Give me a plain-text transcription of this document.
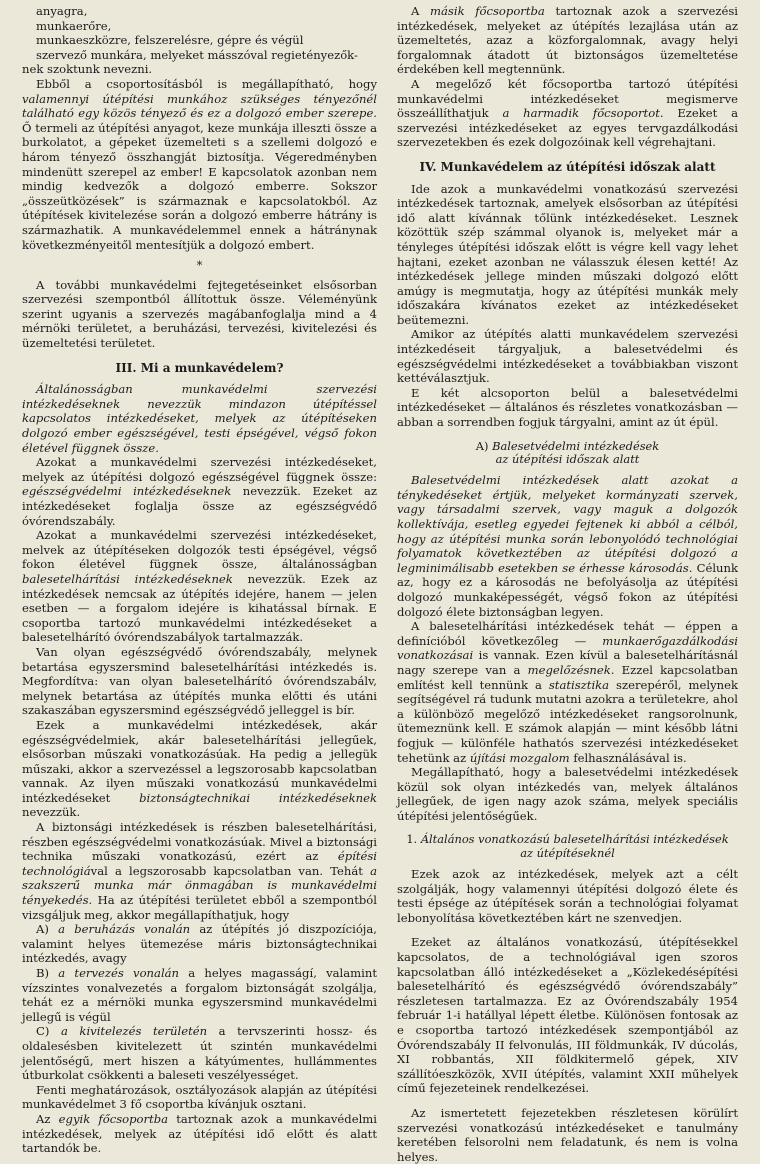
anyagra,
munkaerőre,
munkaeszközre, felszerelésre, gépre és végül
szervező munkára, melyeket másszóval regietényezők-
nek szoktunk nevezni.

Ebből a csoportosításból is megállapítható, hogy valamennyi útépítési munkához szükséges tényezőnél található egy közös tényező és ez a dolgozó ember szerepe. Ő termeli az útépítési anyagot, keze munkája illeszti össze a burkolatot, a gépeket üzemelteti s a szellemi dolgozó e három tényező összhangját biztosítja. Végeredményben mindenütt szerepel az ember! E kapcsolatok azonban nem mindig kedvezők a dolgozó emberre. Sokszor „összeütközések” is származnak e kapcsolatokból. Az útépítések kivitelezése során a dolgozó emberre hátrány is származhatik. A munkavédelemmel ennek a hátránynak következményeitől mentesítjük a dolgozó embert.

*

A további munkavédelmi fejtegetéseinket elsősorban szervezési szempontból állítottuk össze. Véleményünk szerint ugyanis a szervezés magábanfoglalja mind a 4 mérnöki területet, a beruházási, tervezési, kivitelezési és üzemeltetési területet.

III. Mi a munkavédelem?

Általánosságban munkavédelmi szervezési intézkedéseknek nevezzük mindazon útépítéssel kapcsolatos intézkedéseket, melyek az útépítéseken dolgozó ember egészségével, testi épségével, végső fokon életével függnek össze.

Azokat a munkavédelmi szervezési intézkedéseket, melyek az útépítési dolgozó egészségével függnek össze: egészségvédelmi intézkedéseknek nevezzük. Ezeket az intézkedéseket foglalja össze az egészségvédő óvórendszabály.

Azokat a munkavédelmi szervezési intézkedéseket, melvek az útépítéseken dolgozók testi épségével, végső fokon életével függnek össze, általánosságban balesetelhárítási intézkedéseknek nevezzük. Ezek az intézkedések nemcsak az útépítés idejére, hanem — jelen esetben — a forgalom idejére is kihatással bírnak. E csoportba tartozó munkavédelmi intézkedéseket a balesetelhárító óvórendszabályok tartalmazzák.

Van olyan egészségvédő óvórendszabály, melynek betartása egyszersmind balesetelhárítási intézkedés is. Megfordítva: van olyan balesetelhárító óvórendszabálv, melynek betartása az útépítés munka előtti és utáni szakaszában egyszersmind egészségvédő jelleggel is bír.

Ezek a munkavédelmi intézkedések, akár egészségvédelmiek, akár balesetelhárítási jellegűek, elsősorban műszaki vonatkozásúak. Ha pedig a jellegük műszaki, akkor a szervezéssel a legszorosabb kapcsolatban vannak. Az ilyen műszaki vonatkozású munkavédelmi intézkedéseket biztonságtechnikai intézkedéseknek nevezzük.

A biztonsági intézkedések is részben balesetelhárítási, részben egészségvédelmi vonatkozásúak. Mivel a biztonsági technika műszaki vonatkozású, ezért az építési technológiával a legszorosabb kapcsolatban van. Tehát a szakszerű munka már önmagában is munkavédelmi tényekedés. Ha az útépítési területet ebből a szempontból vizsgáljuk meg, akkor megállapíthatjuk, hogy

A) a beruházás vonalán az útépítés jó diszpozíciója, valamint helyes ütemezése máris biztonságtechnikai intézkedés, avagy

B) a tervezés vonalán a helyes magasságí, valamint vízszintes vonalvezetés a forgalom biztonságát szolgálja, tehát ez a mérnöki munka egyszersmind munkavédelmi jellegű is végül

C) a kivitelezés területén a tervszerinti hossz- és oldalesésben kivitelezett út szintén munkavédelmi jelentőségű, mert hiszen a kátyúmentes, hullámmentes útburkolat csökkenti a baleseti veszélyességet.

Fenti meghatározások, osztályozások alapján az útépítési munkavédelmet 3 fő csoportba kívánjuk osztani.

Az egyik főcsoportba tartoznak azok a munkavédelmi intézkedések, melyek az útépítési idő előtt és alatt tartandók be.

A másik főcsoportba tartoznak azok a szervezési intézkedések, melyeket az útépítés lezajlása után az üzemeltetés, azaz a közforgalomnak, avagy helyi forgalomnak átadott út biztonságos üzemeltetése érdekében kell megtennünk.

A megelőző két főcsoportba tartozó útépítési munkavédelmi intézkedéseket megismerve összeállíthatjuk a harmadik főcsoportot. Ezeket a szervezési intézkedéseket az egyes tervgazdálkodási szervezetekben és ezek dolgozóinak kell végrehajtani.

IV. Munkavédelem az útépítési időszak alatt

Ide azok a munkavédelmi vonatkozású szervezési intézkedések tartoznak, amelyek elsősorban az útépítési idő alatt kívánnak tőlünk intézkedéseket. Lesznek közöttük szép számmal olyanok is, melyeket már a tényleges útépítési időszak előtt is végre kell vagy lehet hajtani, ezeket azonban ne válasszuk élesen ketté! Az intézkedések jellege minden műszaki dolgozó előtt amúgy is megmutatja, hogy az útépítési munkák mely időszakára kívánatos ezeket az intézkedéseket beütemezni.

Amikor az útépítés alatti munkavédelem szervezési intézkedéseit tárgyaljuk, a balesetvédelmi és egészségvédelmi intézkedéseket a továbbiakban viszont kettéválasztjuk.

E két alcsoporton belül a balesetvédelmi intézkedéseket — általános és részletes vonatkozásban — abban a sorrendben fogjuk tárgyalni, amint az út épül.

A) Balesetvédelmi intézkedések
az útépítési időszak alatt

Balesetvédelmi intézkedések alatt azokat a ténykedéseket értjük, melyeket kormányzati szervek, vagy társadalmi szervek, vagy maguk a dolgozók kollektívája, esetleg egyedei fejtenek ki abból a célból, hogy az útépítési munka során lebonyolódó technológiai folyamatok következtében az útépítési dolgozó a legminimálisabb esetekben se érhesse károsodás. Célunk az, hogy ez a károsodás ne befolyásolja az útépítési dolgozó munkaképességét, végső fokon az útépítési dolgozó élete biztonságban legyen.

A balesetelhárítási intézkedések tehát — éppen a definícióból következőleg — munkaerőgazdálkodási vonatkozásai is vannak. Ezen kívül a balesetelhárításnál nagy szerepe van a megelőzésnek. Ezzel kapcsolatban említést kell tennünk a statisztika szerepéről, melynek segítségével rá tudunk mutatni azokra a területekre, ahol a különböző megelőző intézkedéseket rangsorolnunk, ütemeznünk kell. E számok alapján — mint később látni fogjuk — különféle hathatós szervezési intézkedéseket tehetünk az újítási mozgalom felhasználásával is.

Megállapítható, hogy a balesetvédelmi intézkedések közül sok olyan intézkedés van, melyek általános jellegűek, de igen nagy azok száma, melyek speciális útépítési jelentőségűek.

1. Általános vonatkozású balesetelhárítási intézkedések
az útépítéseknél

Ezek azok az intézkedések, melyek azt a célt szolgálják, hogy valamennyi útépítési dolgozó élete és testi épsége az útépítések során a technológiai folyamat lebonyolítása következtében kárt ne szenvedjen.

Ezeket az általános vonatkozású, útépítésekkel kapcsolatos, de a technológiával igen szoros kapcsolatban álló intézkedéseket a „Közlekedésépítési balesetelhárító és egészségvédő óvórendszabály” részletesen tartalmazza. Ez az Óvórendszabály 1954 február 1-i hatállyal lépett életbe. Különösen fontosak az e csoportba tartozó intézkedések szempontjából az Óvórendszabály II felvonulás, III földmunkák, IV dúcolás, XI robbantás, XII földkitermelő gépek, XIV szállítóeszközök, XVII útépítés, valamint XXII műhelyek című fejezeteinek rendelkezései.

Az ismertetett fejezetekben részletesen körülírt szervezési vonatkozású intézkedéseket e tanulmány keretében felsorolni nem feladatunk, és nem is volna helyes.
